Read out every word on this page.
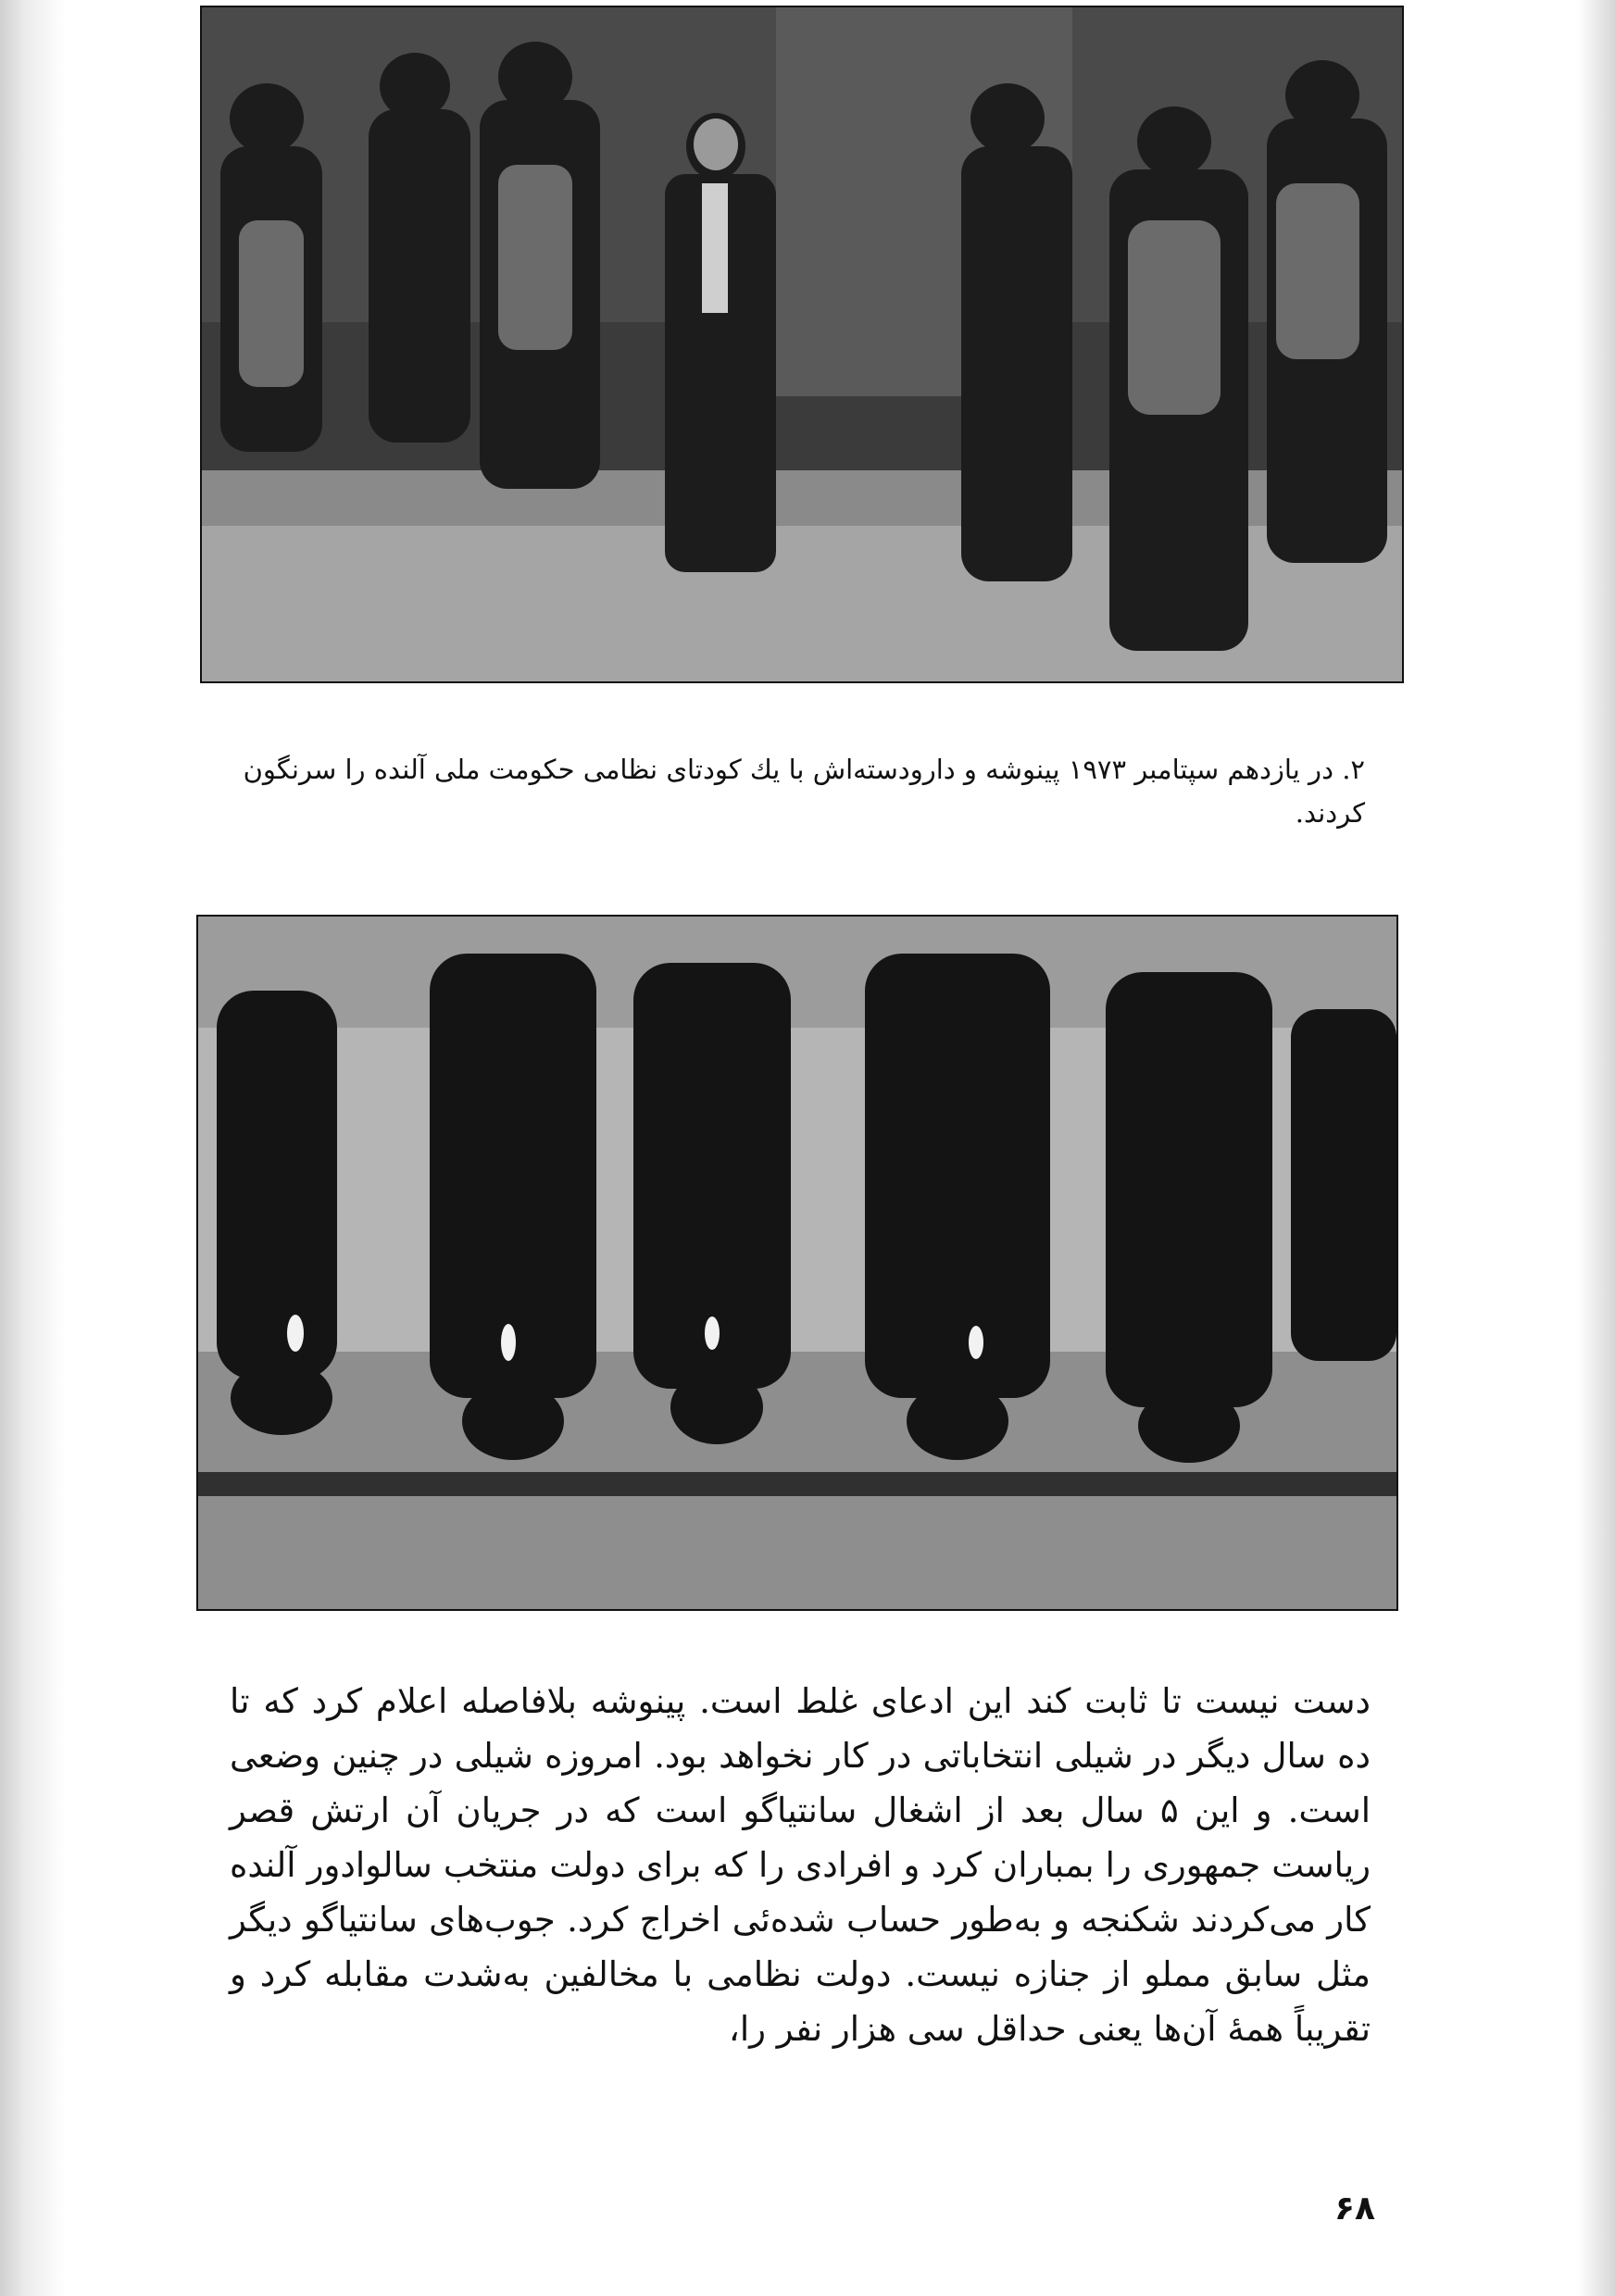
۲. در یازدهم سپتامبر ۱۹۷۳ پینوشه و دارودسته‌اش با یك کودتای نظامی حکومت ملی آلنده را سرنگون کردند.

دست نیست تا ثابت کند این ادعای غلط است. پینوشه بلافاصله اعلام کرد که تا ده سال دیگر در شیلی انتخاباتی در کار نخواهد بود. امروزه شیلی در چنین وضعی است. و این ۵ سال بعد از اشغال سانتیاگو است که در جریان آن ارتش قصر ریاست جمهوری را بمباران کرد و افرادی را که برای دولت منتخب سالوادور آلنده کار می‌کردند شکنجه و به‌طور حساب شده‌ئی اخراج کرد. جوب‌های سانتیاگو دیگر مثل سابق مملو از جنازه نیست. دولت نظامی با مخالفین به‌شدت مقابله کرد و تقریباً همهٔ آن‌ها یعنی حداقل سی هزار نفر را،

۶۸
